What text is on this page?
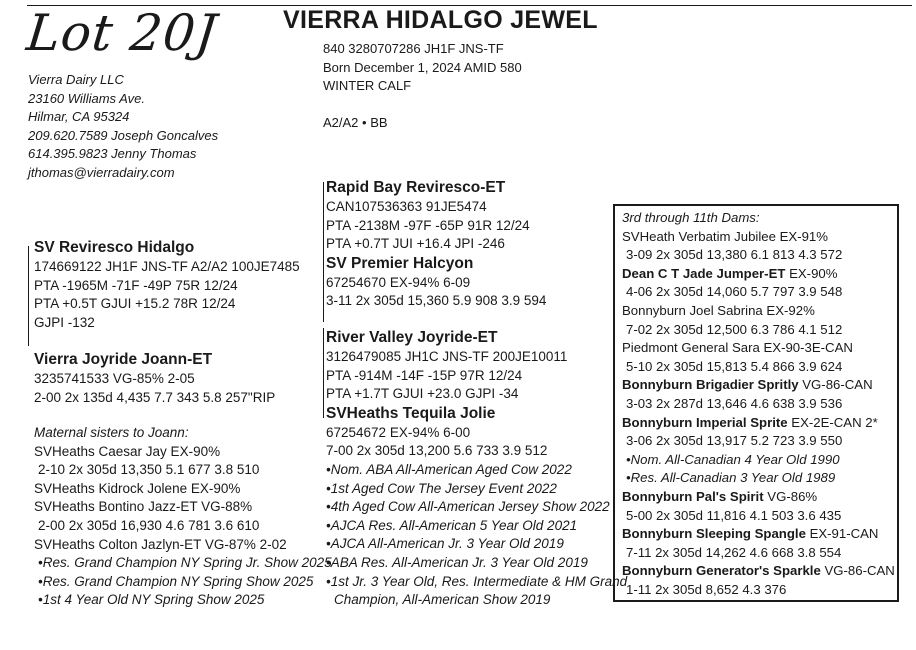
Lot 20J	VIERRA HIDALGO JEWEL
840 3280707286 JH1F JNS-TF
Born December 1, 2024 AMID 580
WINTER CALF
A2/A2 • BB
Vierra Dairy LLC
23160 Williams Ave.
Hilmar, CA 95324
209.620.7589 Joseph Goncalves
614.395.9823 Jenny Thomas
jthomas@vierradairy.com
SV Reviresco Hidalgo
174669122 JH1F JNS-TF A2/A2 100JE7485
PTA -1965M -71F -49P 75R 12/24
PTA +0.5T GJUI +15.2 78R 12/24
GJPI -132
Vierra Joyride Joann-ET
3235741533 VG-85% 2-05
2-00 2x 135d 4,435 7.7 343 5.8 257"RIP
Maternal sisters to Joann:
SVHeaths Caesar Jay EX-90%
2-10 2x 305d 13,350 5.1 677 3.8 510
SVHeaths Kidrock Jolene EX-90%
SVHeaths Bontino Jazz-ET VG-88%
2-00 2x 305d 16,930 4.6 781 3.6 610
SVHeaths Colton Jazlyn-ET VG-87% 2-02
•Res. Grand Champion NY Spring Jr. Show 2025
•Res. Grand Champion NY Spring Show 2025
•1st 4 Year Old NY Spring Show 2025
Rapid Bay Reviresco-ET
CAN107536363 91JE5474
PTA -2138M -97F -65P 91R 12/24
PTA +0.7T JUI +16.4 JPI -246
SV Premier Halcyon
67254670 EX-94% 6-09
3-11 2x 305d 15,360 5.9 908 3.9 594
River Valley Joyride-ET
3126479085 JH1C JNS-TF 200JE10011
PTA -914M -14F -15P 97R 12/24
PTA +1.7T GJUI +23.0 GJPI -34
SVHeaths Tequila Jolie
67254672 EX-94% 6-00
7-00 2x 305d 13,200 5.6 733 3.9 512
•Nom. ABA All-American Aged Cow 2022
•1st Aged Cow The Jersey Event 2022
•4th Aged Cow All-American Jersey Show 2022
•AJCA Res. All-American 5 Year Old 2021
•AJCA All-American Jr. 3 Year Old 2019
•ABA Res. All-American Jr. 3 Year Old 2019
•1st Jr. 3 Year Old, Res. Intermediate & HM Grand
Champion, All-American Show 2019
3rd through 11th Dams:
SVHeath Verbatim Jubilee EX-91%
3-09 2x 305d 13,380 6.1 813 4.3 572
Dean C T Jade Jumper-ET EX-90%
4-06 2x 305d 14,060 5.7 797 3.9 548
Bonnyburn Joel Sabrina EX-92%
7-02 2x 305d 12,500 6.3 786 4.1 512
Piedmont General Sara EX-90-3E-CAN
5-10 2x 305d 15,813 5.4 866 3.9 624
Bonnyburn Brigadier Spritly VG-86-CAN
3-03 2x 287d 13,646 4.6 638 3.9 536
Bonnyburn Imperial Sprite EX-2E-CAN 2*
3-06 2x 305d 13,917 5.2 723 3.9 550
•Nom. All-Canadian 4 Year Old 1990
•Res. All-Canadian 3 Year Old 1989
Bonnyburn Pal's Spirit VG-86%
5-00 2x 305d 11,816 4.1 503 3.6 435
Bonnyburn Sleeping Spangle EX-91-CAN
7-11 2x 305d 14,262 4.6 668 3.8 554
Bonnyburn Generator's Sparkle VG-86-CAN
1-11 2x 305d 8,652 4.3 376
